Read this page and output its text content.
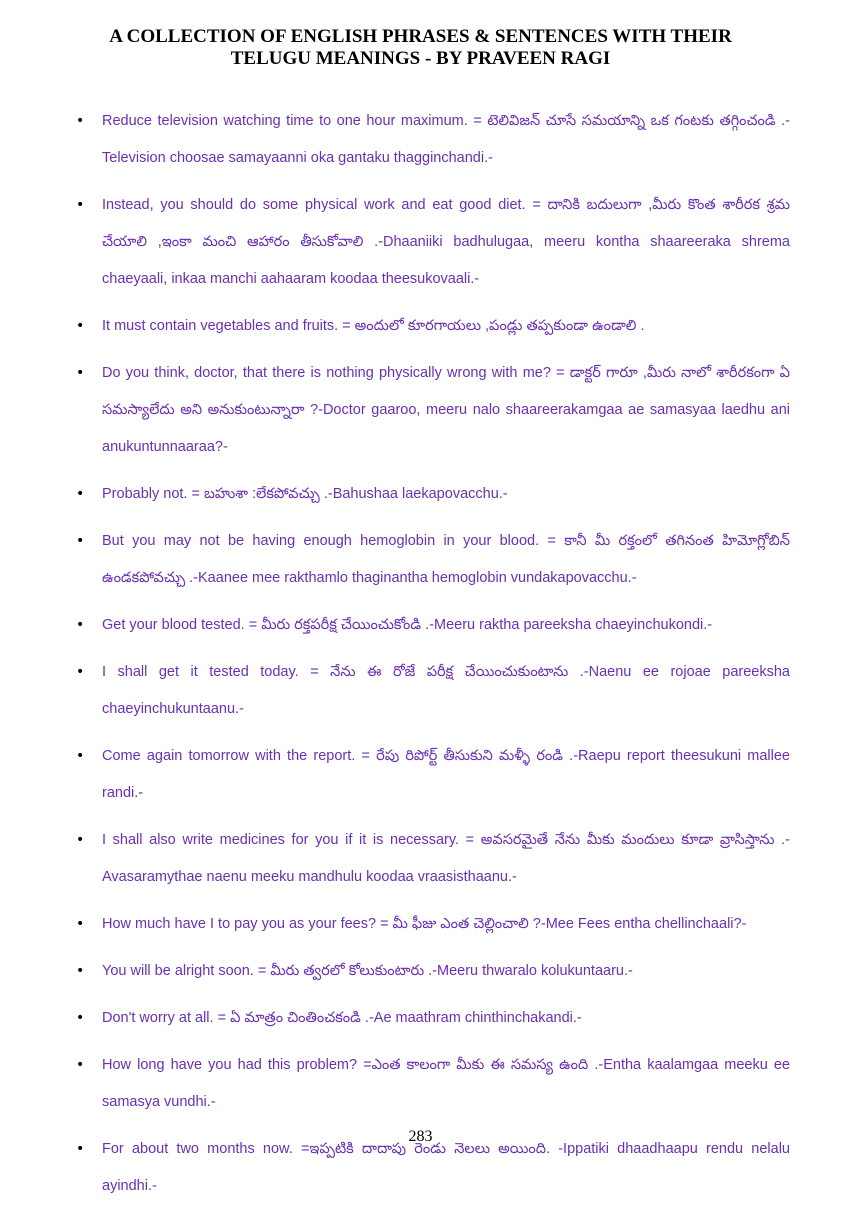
A COLLECTION OF ENGLISH PHRASES & SENTENCES WITH THEIR
TELUGU MEANINGS - BY PRAVEEN RAGI
• Reduce television watching time to one hour maximum. = టెలివిజన్ చూసే సమయాన్ని ఒక గంటకు తగ్గించండి .-Television choosae samayaanni oka gantaku thagginchandi.-
• Instead, you should do some physical work and eat good diet. = దానికి బదులుగా ,మీరు కొంత శారీరక శ్రమ చేయాలి ,ఇంకా మంచి ఆహారం తీసుకోవాలి .-Dhaaniiki badhulugaa, meeru kontha shaareeraka shrema chaeyaali, inkaa manchi aahaaram koodaa theesukovaali.-
• It must contain vegetables and fruits. = అందులో కూరగాయలు ,పండ్లు తప్పకుండా ఉండాలి .
• Do you think, doctor, that there is nothing physically wrong with me? = డాక్టర్ గారూ ,మీరు నాలో శారీరకంగా ఏ సమస్యాలేదు అని అనుకుంటున్నారా ?-Doctor gaaroo, meeru nalo shaareerakamgaa ae samasyaa laedhu ani anukuntunnaaraa?-
• Probably not. = బహుశా :లేకపోవచ్చు .-Bahushaa laekapovacchu.-
• But you may not be having enough hemoglobin in your blood. = కానీ మీ రక్తంలో తగినంత హిమోగ్లోబిన్ ఉండకపోవచ్చు .-Kaanee mee rakthamlo thaginantha hemoglobin vundakapovacchu.-
• Get your blood tested. = మీరు రక్తపరీక్ష చేయించుకోండి .-Meeru raktha pareeksha chaeyinchukondi.-
• I shall get it tested today. = నేను ఈ రోజే పరీక్ష చేయించుకుంటాను .-Naenu ee rojoae pareeksha chaeyinchukuntaanu.-
• Come again tomorrow with the report. = రేపు రిపోర్ట్ తీసుకుని మళ్ళీ రండి .-Raepu report theesukuni mallee randi.-
• I shall also write medicines for you if it is necessary. = అవసరమైతే నేను మీకు మందులు కూడా వ్రాసిస్తాను .-Avasaramythae naenu meeku mandhulu koodaa vraasisthaanu.-
• How much have I to pay you as your fees? = మీ ఫీజు ఎంత చెల్లించాలి ?-Mee Fees entha chellinchaali?-
• You will be alright soon. = మీరు త్వరలో కోలుకుంటారు .-Meeru thwaralo kolukuntaaru.-
• Don't worry at all. = ఏ మాత్రం చింతించకండి .-Ae maathram chinthinchakandi.-
• How long have you had this problem? =ఎంత కాలంగా మీకు ఈ సమస్య ఉంది .-Entha kaalamgaa meeku ee samasya vundhi.-
• For about two months now. =ఇప్పటికి దాదాపు రెండు నెలలు అయింది. -Ippatiki dhaadhaapu rendu nelalu ayindhi.-
283
